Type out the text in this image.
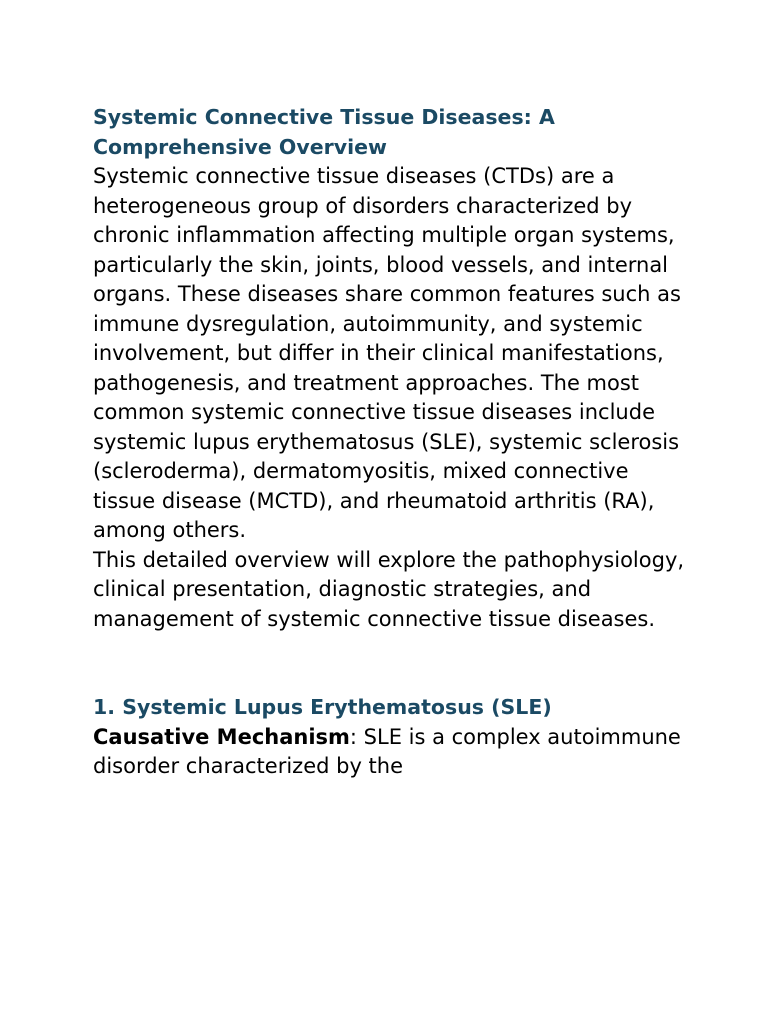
Systemic Connective Tissue Diseases: A Comprehensive Overview

Systemic connective tissue diseases (CTDs) are a heterogeneous group of disorders characterized by chronic inflammation affecting multiple organ systems, particularly the skin, joints, blood vessels, and internal organs. These diseases share common features such as immune dysregulation, autoimmunity, and systemic involvement, but differ in their clinical manifestations, pathogenesis, and treatment approaches. The most common systemic connective tissue diseases include systemic lupus erythematosus (SLE), systemic sclerosis (scleroderma), dermatomyositis, mixed connective tissue disease (MCTD), and rheumatoid arthritis (RA), among others.

This detailed overview will explore the pathophysiology, clinical presentation, diagnostic strategies, and management of systemic connective tissue diseases.

1. Systemic Lupus Erythematosus (SLE)

Causative Mechanism: SLE is a complex autoimmune disorder characterized by the
